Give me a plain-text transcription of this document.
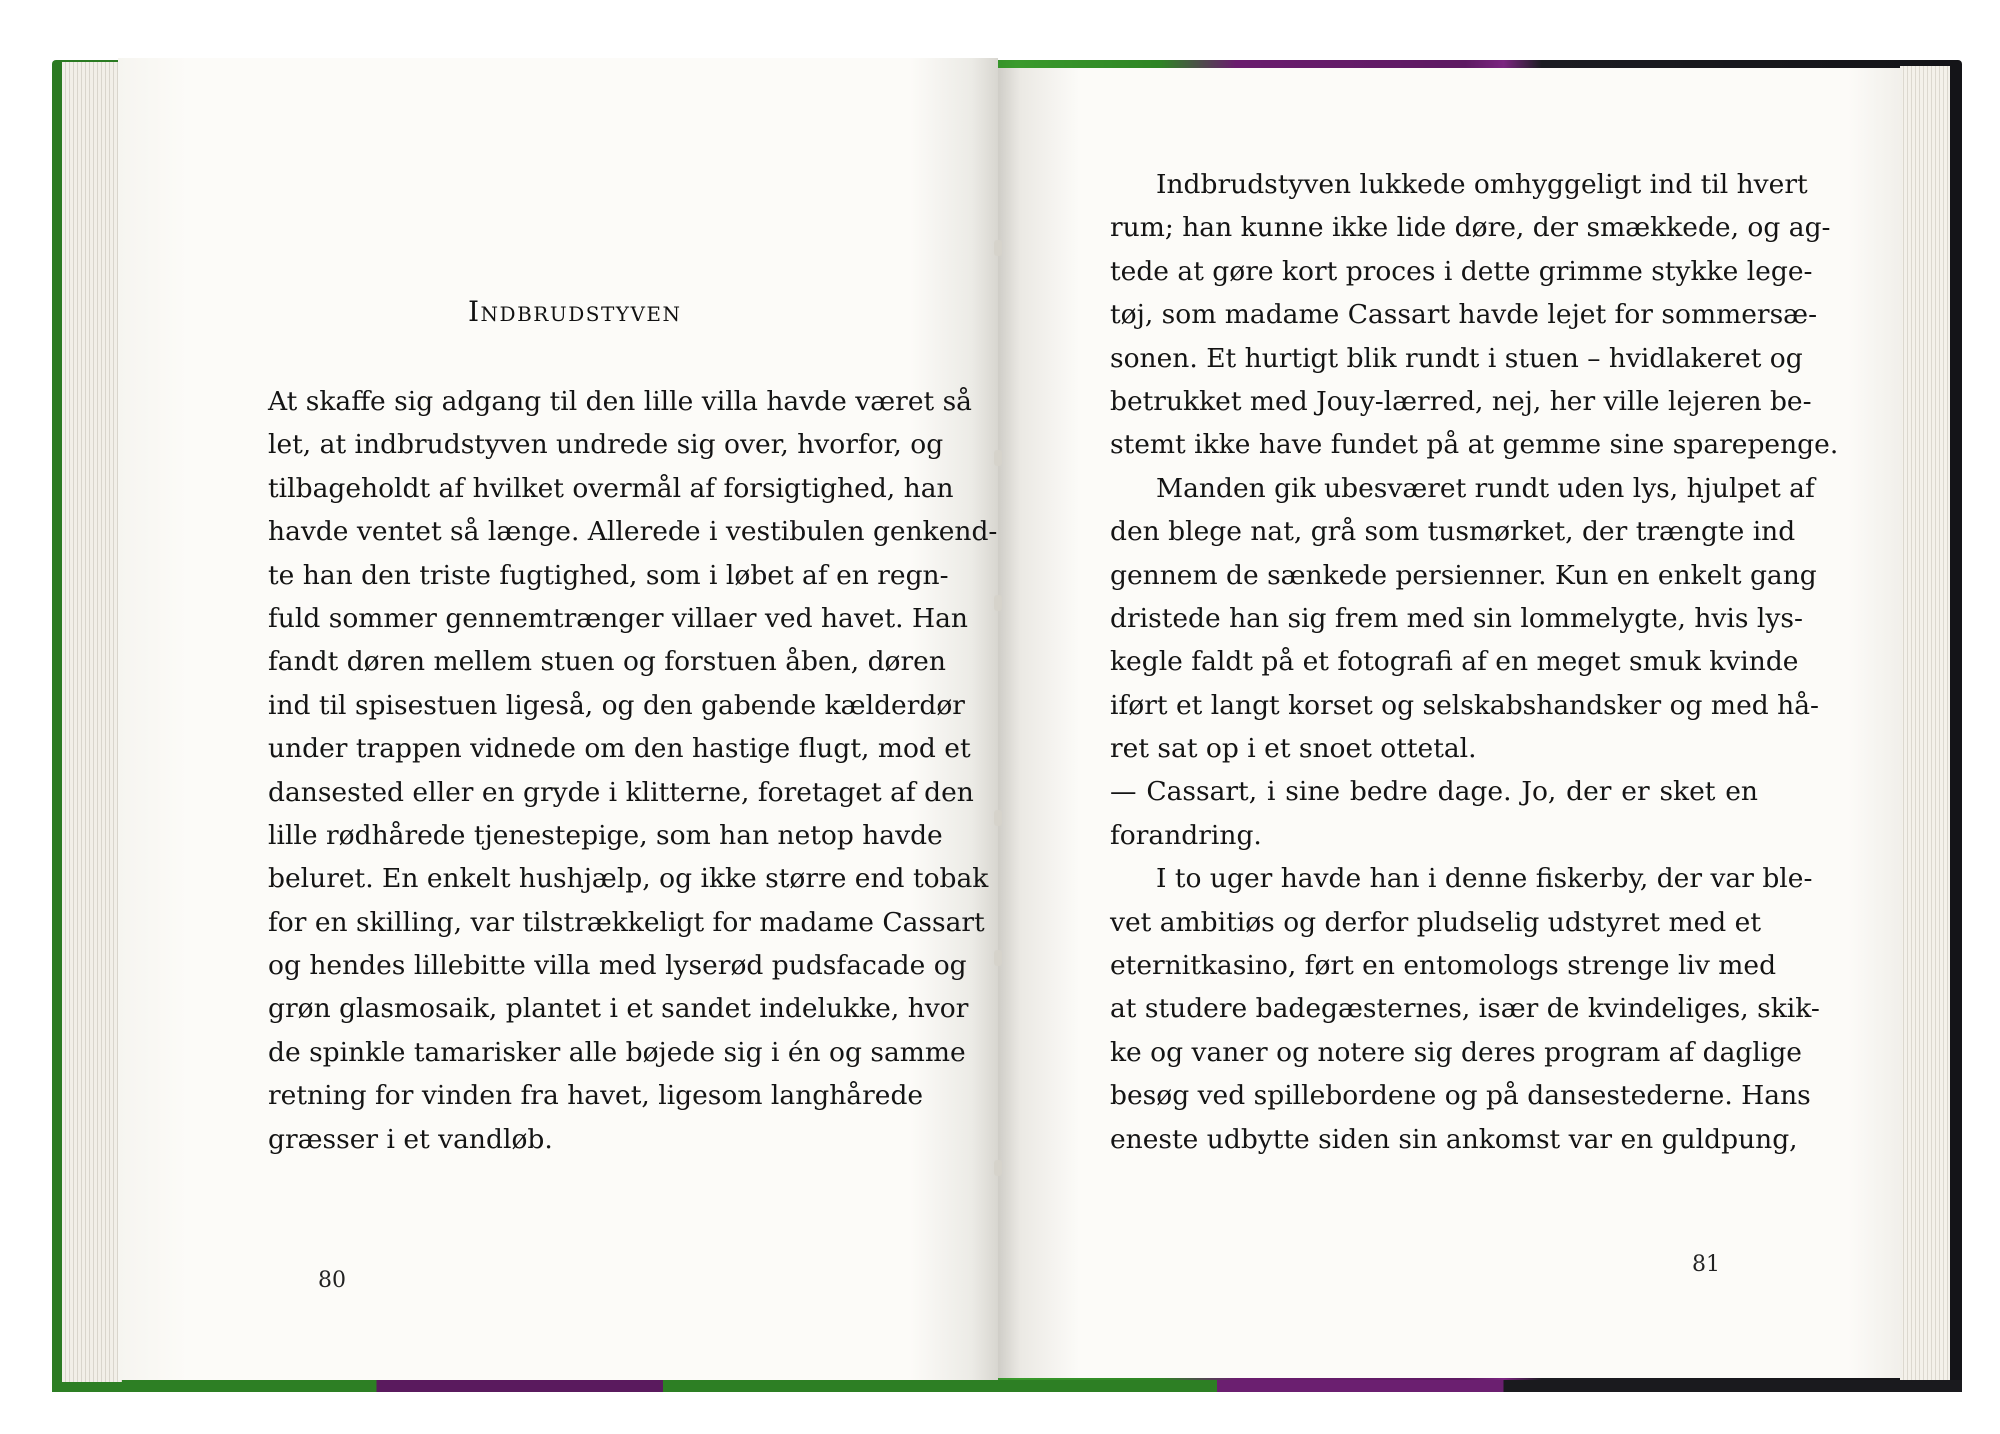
Indbrudstyven
At skaffe sig adgang til den lille villa havde været så
let, at indbrudstyven undrede sig over, hvorfor, og
tilbageholdt af hvilket overmål af forsigtighed, han
havde ventet så længe. Allerede i vestibulen genkend-
te han den triste fugtighed, som i løbet af en regn-
fuld sommer gennemtrænger villaer ved havet. Han
fandt døren mellem stuen og forstuen åben, døren
ind til spisestuen ligeså, og den gabende kælderdør
under trappen vidnede om den hastige flugt, mod et
dansested eller en gryde i klitterne, foretaget af den
lille rødhårede tjenestepige, som han netop havde
beluret. En enkelt hushjælp, og ikke større end tobak
for en skilling, var tilstrækkeligt for madame Cassart
og hendes lillebitte villa med lyserød pudsfacade og
grøn glasmosaik, plantet i et sandet indelukke, hvor
de spinkle tamarisker alle bøjede sig i én og samme
retning for vinden fra havet, ligesom langhårede
græsser i et vandløb.
Indbrudstyven lukkede omhyggeligt ind til hvert
rum; han kunne ikke lide døre, der smækkede, og ag-
tede at gøre kort proces i dette grimme stykke lege-
tøj, som madame Cassart havde lejet for sommersæ-
sonen. Et hurtigt blik rundt i stuen – hvidlakeret og
betrukket med Jouy-lærred, nej, her ville lejeren be-
stemt ikke have fundet på at gemme sine sparepenge.
Manden gik ubesværet rundt uden lys, hjulpet af
den blege nat, grå som tusmørket, der trængte ind
gennem de sænkede persienner. Kun en enkelt gang
dristede han sig frem med sin lommelygte, hvis lys-
kegle faldt på et fotografi af en meget smuk kvinde
iført et langt korset og selskabshandsker og med hå-
ret sat op i et snoet ottetal.
— Cassart, i sine bedre dage. Jo, der er sket en
forandring.
I to uger havde han i denne fiskerby, der var ble-
vet ambitiøs og derfor pludselig udstyret med et
eternitkasino, ført en entomologs strenge liv med
at studere badegæsternes, især de kvindeliges, skik-
ke og vaner og notere sig deres program af daglige
besøg ved spillebordene og på dansestederne. Hans
eneste udbytte siden sin ankomst var en guldpung,
80
81
